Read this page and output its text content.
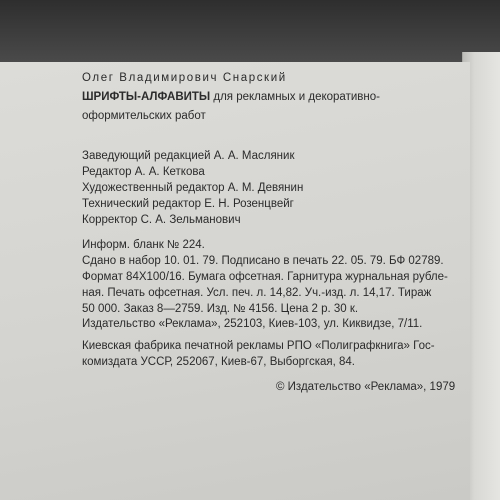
Олег Владимирович Снарский
ШРИФТЫ-АЛФАВИТЫ для рекламных и декоративно-
оформительских работ
Заведующий редакцией А. А. Масляник
Редактор А. А. Кеткова
Художественный редактор А. М. Девянин
Технический редактор Е. Н. Розенцвейг
Корректор С. А. Зельманович
Информ. бланк № 224.
Сдано в набор 10. 01. 79. Подписано в печать 22. 05. 79. БФ 02789.
Формат 84Х100/16. Бумага офсетная. Гарнитура журнальная рубле-
ная. Печать офсетная. Усл. печ. л. 14,82. Уч.-изд. л. 14,17. Тираж
50 000. Заказ 8—2759. Изд. № 4156. Цена 2 р. 30 к.
Издательство «Реклама», 252103, Киев-103, ул. Киквидзе, 7/11.
Киевская фабрика печатной рекламы РПО «Полиграфкнига» Гос-
комиздата УССР, 252067, Киев-67, Выборгская, 84.
© Издательство «Реклама», 1979
